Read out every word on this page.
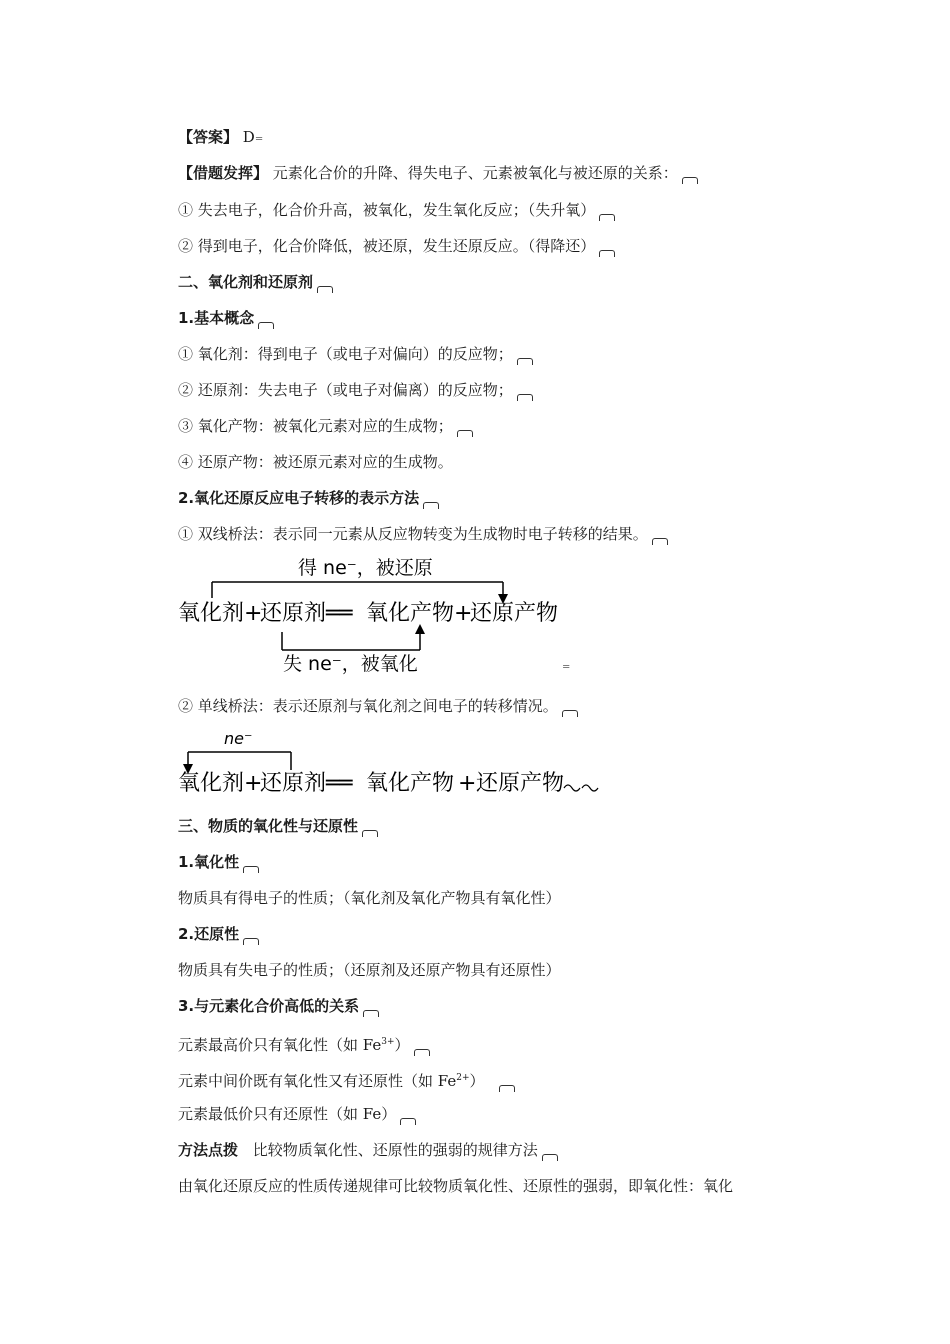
【答案】 D=
【借题发挥】 元素化合价的升降、得失电子、元素被氧化与被还原的关系：
① 失去电子，化合价升高，被氧化，发生氧化反应；（失升氧）
② 得到电子，化合价降低，被还原，发生还原反应。（得降还）
二、氧化剂和还原剂
1.基本概念
① 氧化剂：得到电子（或电子对偏向）的反应物；
② 还原剂：失去电子（或电子对偏离）的反应物；
③ 氧化产物：被氧化元素对应的生成物；
④ 还原产物：被还原元素对应的生成物。
2.氧化还原反应电子转移的表示方法
① 双线桥法：表示同一元素从反应物转变为生成物时电子转移的结果。
得 ne⁻，被还原
失 ne⁻，被氧化
氧化剂 +
还原剂 ══ 氧化产物 +
还原产物
=
② 单线桥法：表示还原剂与氧化剂之间电子的转移情况。
ne⁻
氧化剂 +
还原剂 ══ 氧化产物 + 还原产物
三、物质的氧化性与还原性
1.氧化性
物质具有得电子的性质；（氧化剂及氧化产物具有氧化性）
2.还原性
物质具有失电子的性质；（还原剂及还原产物具有还原性）
3.与元素化合价高低的关系
元素最高价只有氧化性（如 $Fe^{3+}$）
元素中间价既有氧化性又有还原性（如 $Fe^{2+}$）
元素最低价只有还原性（如 Fe）
方法点拨 比较物质氧化性、还原性的强弱的规律方法
由氧化还原反应的性质传递规律可比较物质氧化性、还原性的强弱，即氧化性：氧化
